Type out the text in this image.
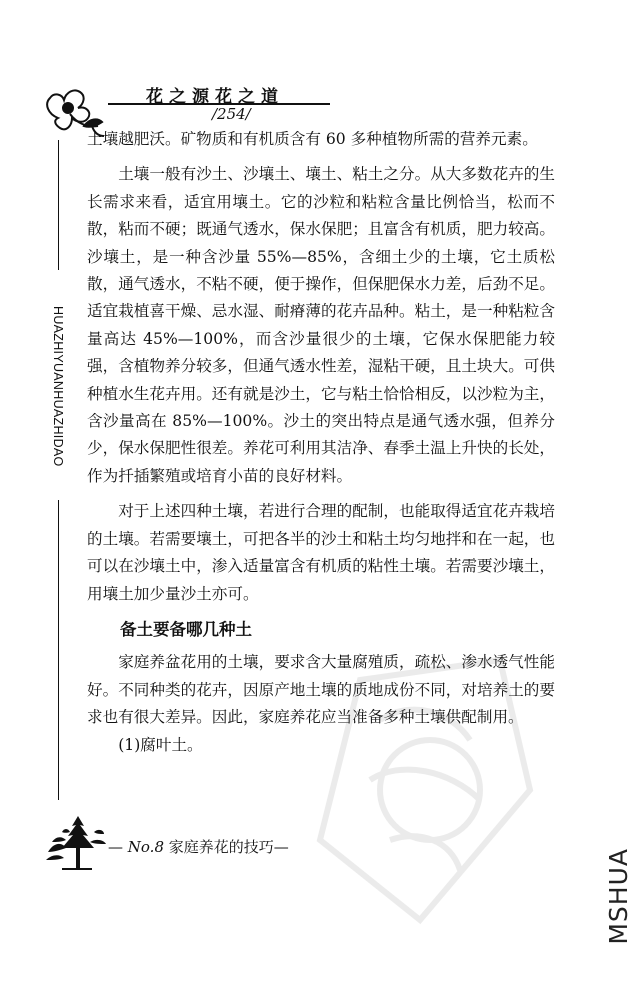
花之源花之道
/254/
HUAZHIYUANHUAZHIDAO

土壤越肥沃。矿物质和有机质含有 60 多种植物所需的营养元素。

土壤一般有沙土、沙壤土、壤土、粘土之分。从大多数花卉的生长需求来看，适宜用壤土。它的沙粒和粘粒含量比例恰当，松而不散，粘而不硬；既通气透水，保水保肥；且富含有机质，肥力较高。沙壤土，是一种含沙量 55%—85%，含细土少的土壤，它土质松散，通气透水，不粘不硬，便于操作，但保肥保水力差，后劲不足。适宜栽植喜干燥、忌水湿、耐瘠薄的花卉品种。粘土，是一种粘粒含量高达 45%—100%，而含沙量很少的土壤，它保水保肥能力较强，含植物养分较多，但通气透水性差，湿粘干硬，且土块大。可供种植水生花卉用。还有就是沙土，它与粘土恰恰相反，以沙粒为主，含沙量高在 85%—100%。沙土的突出特点是通气透水强，但养分少，保水保肥性很差。养花可利用其洁净、春季土温上升快的长处，作为扦插繁殖或培育小苗的良好材料。

对于上述四种土壤，若进行合理的配制，也能取得适宜花卉栽培的土壤。若需要壤土，可把各半的沙土和粘土均匀地拌和在一起，也可以在沙壤土中，渗入适量富含有机质的粘性土壤。若需要沙壤土，用壤土加少量沙土亦可。

备土要备哪几种土

家庭养盆花用的土壤，要求含大量腐殖质，疏松、渗水透气性能好。不同种类的花卉，因原产地土壤的质地成份不同，对培养土的要求也有很大差异。因此，家庭养花应当准备多种土壤供配制用。

(1)腐叶土。

— No.8 家庭养花的技巧—
MSHUA
